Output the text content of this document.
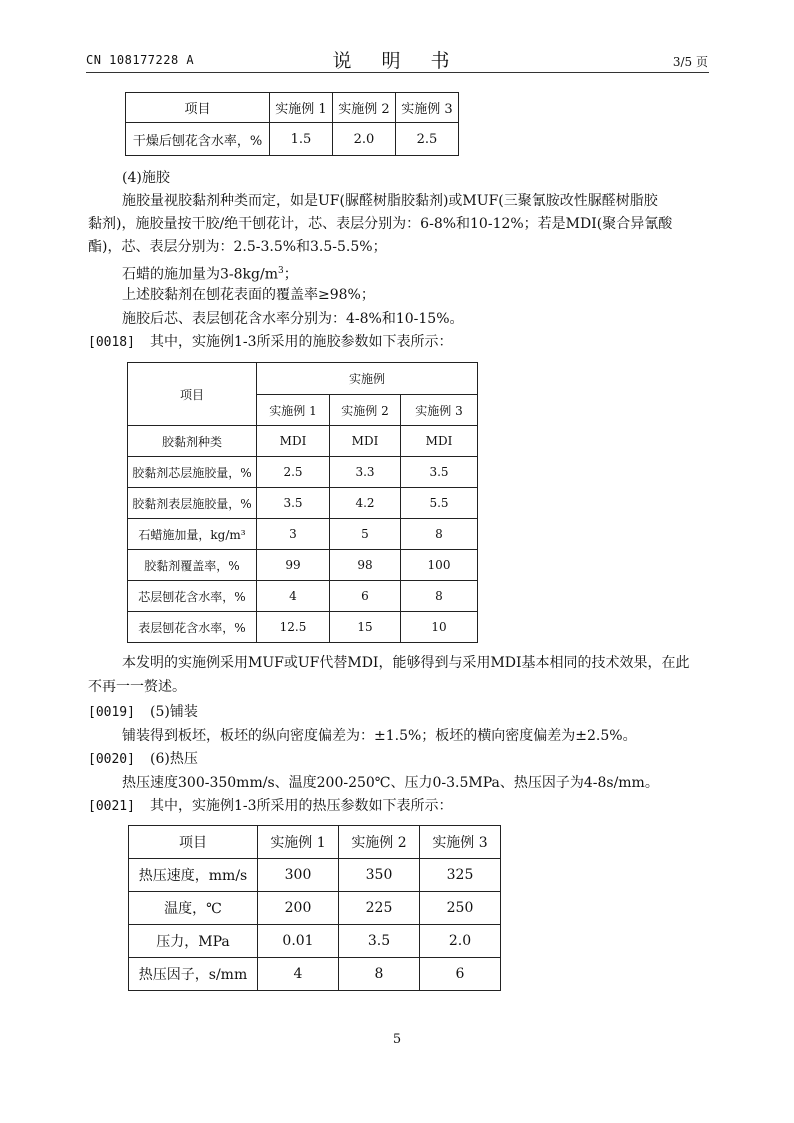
CN 108177228 A	说 明 书	3/5 页
项目	实施例 1	实施例 2	实施例 3
干燥后刨花含水率，%	1.5	2.0	2.5
(4)施胶
施胶量视胶黏剂种类而定，如是UF(脲醛树脂胶黏剂)或MUF(三聚氰胺改性脲醛树脂胶
黏剂)，施胶量按干胶/绝干刨花计，芯、表层分别为：6-8%和10-12%；若是MDI(聚合异氰酸
酯)，芯、表层分别为：2.5-3.5%和3.5-5.5%；
石蜡的施加量为$3-8kg/m^3$；
上述胶黏剂在刨花表面的覆盖率≥98%；
施胶后芯、表层刨花含水率分别为：4-8%和10-15%。
[0018] 其中，实施例1-3所采用的施胶参数如下表所示：
项目	实施例		
	实施例 1	实施例 2	实施例 3
胶黏剂种类	MDI	MDI	MDI
胶黏剂芯层施胶量，%	2.5	3.3	3.5
胶黏剂表层施胶量，%	3.5	4.2	5.5
石蜡施加量，kg/m³	3	5	8
胶黏剂覆盖率，%	99	98	100
芯层刨花含水率，%	4	6	8
表层刨花含水率，%	12.5	15	10
本发明的实施例采用MUF或UF代替MDI，能够得到与采用MDI基本相同的技术效果，在此
不再一一赘述。
[0019] (5)铺装
铺装得到板坯，板坯的纵向密度偏差为：±1.5%；板坯的横向密度偏差为±2.5%。
[0020] (6)热压
热压速度300-350mm/s、温度200-250℃、压力0-3.5MPa、热压因子为4-8s/mm。
[0021] 其中，实施例1-3所采用的热压参数如下表所示：
项目	实施例 1	实施例 2	实施例 3
热压速度，mm/s	300	350	325
温度，℃	200	225	250
压力，MPa	0.01	3.5	2.0
热压因子，s/mm	4	8	6
5
